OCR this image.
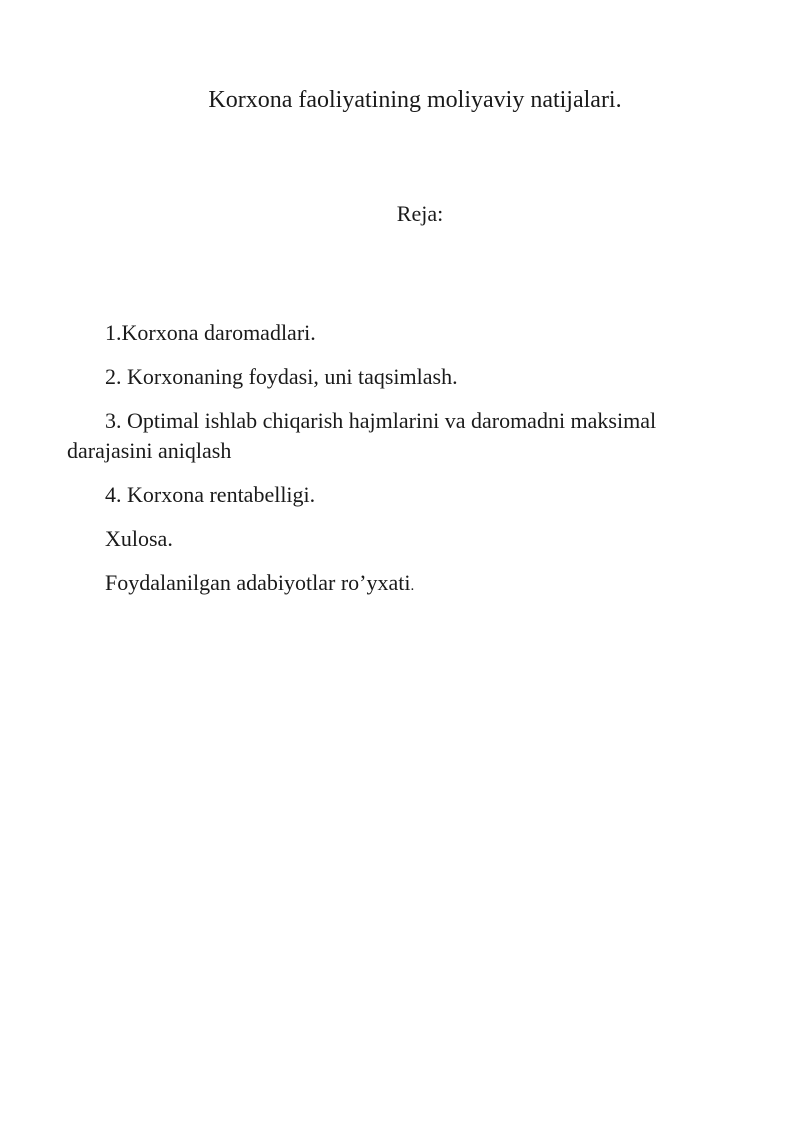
Korxona faoliyatining moliyaviy natijalari.
Reja:
1.Korxona daromadlari.
2. Korxonaning foydasi, uni taqsimlash.
3. Optimal ishlab chiqarish hajmlarini va daromadni maksimal darajasini aniqlash
4. Korxona rentabelligi.
Xulosa.
Foydalanilgan adabiyotlar ro’yxati.
